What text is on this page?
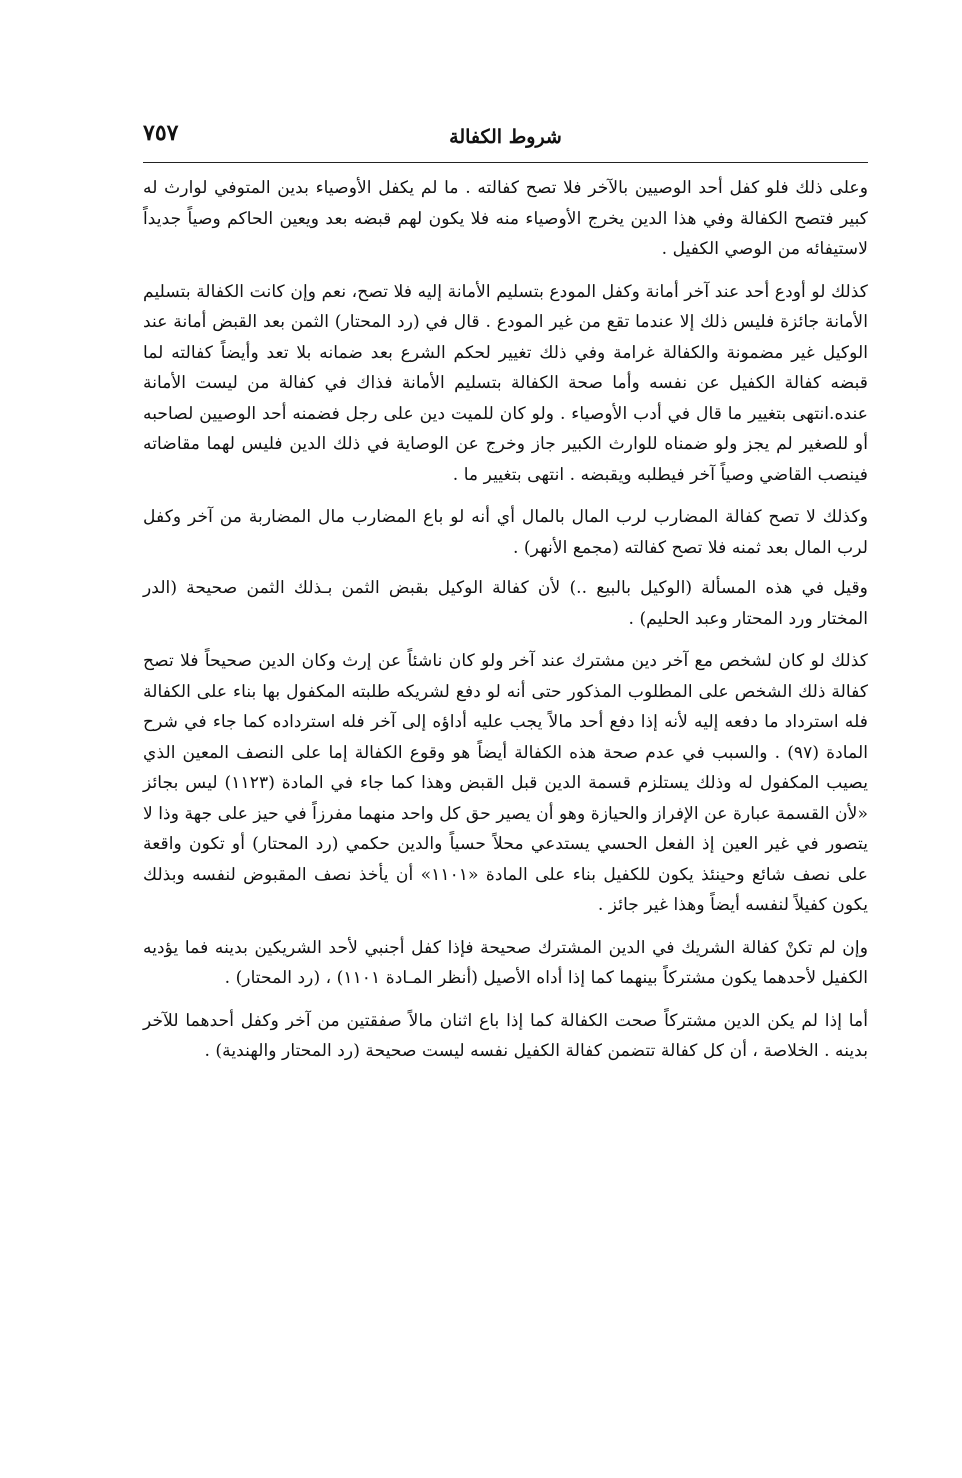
٧٥٧	شروط الكفالة

وعلى ذلك فلو كفل أحد الوصيين بالآخر فلا تصح كفالته . ما لم يكفل الأوصياء بدين المتوفي لوارث له كبير فتصح الكفالة وفي هذا الدين يخرج الأوصياء منه فلا يكون لهم قبضه بعد ويعين الحاكم وصياً جديداً لاستيفائه من الوصي الكفيل .

كذلك لو أودع أحد عند آخر أمانة وكفل المودع بتسليم الأمانة إليه فلا تصح، نعم وإن كانت الكفالة بتسليم الأمانة جائزة فليس ذلك إلا عندما تقع من غير المودع . قال في (رد المحتار) الثمن بعد القبض أمانة عند الوكيل غير مضمونة والكفالة غرامة وفي ذلك تغيير لحكم الشرع بعد ضمانه بلا تعد وأيضاً كفالته لما قبضه كفالة الكفيل عن نفسه وأما صحة الكفالة بتسليم الأمانة فذاك في كفالة من ليست الأمانة عنده.انتهى بتغيير ما قال في أدب الأوصياء . ولو كان للميت دين على رجل فضمنه أحد الوصيين لصاحبه أو للصغير لم يجز ولو ضمناه للوارث الكبير جاز وخرج عن الوصاية في ذلك الدين فليس لهما مقاضاته فينصب القاضي وصياً آخر فيطلبه ويقبضه . انتهى بتغيير ما .

وكذلك لا تصح كفالة المضارب لرب المال بالمال أي أنه لو باع المضارب مال المضاربة من آخر وكفل لرب المال بعد ثمنه فلا تصح كفالته (مجمع الأنهر) .

وقيل في هذه المسألة (الوكيل بالبيع ..) لأن كفالة الوكيل بقبض الثمن بـذلك الثمن صحيحة (الدر المختار ورد المحتار وعبد الحليم) .

كذلك لو كان لشخص مع آخر دين مشترك عند آخر ولو كان ناشئاً عن إرث وكان الدين صحيحاً فلا تصح كفالة ذلك الشخص على المطلوب المذكور حتى أنه لو دفع لشريكه طلبته المكفول بها بناء على الكفالة فله استرداد ما دفعه إليه لأنه إذا دفع أحد مالاً يجب عليه أداؤه إلى آخر فله استرداده كما جاء في شرح المادة (٩٧) . والسبب في عدم صحة هذه الكفالة أيضاً هو وقوع الكفالة إما على النصف المعين الذي يصيب المكفول له وذلك يستلزم قسمة الدين قبل القبض وهذا كما جاء في المادة (١١٢٣) ليس بجائز «لأن القسمة عبارة عن الإفراز والحيازة وهو أن يصير حق كل واحد منهما مفرزاً في حيز على جهة وذا لا يتصور في غير العين إذ الفعل الحسي يستدعي محلاً حسياً والدين حكمي (رد المحتار) أو تكون واقعة على نصف شائع وحينئذ يكون للكفيل بناء على المادة «١١٠١» أن يأخذ نصف المقبوض لنفسه وبذلك يكون كفيلاً لنفسه أيضاً وهذا غير جائز .

وإن لم تكنْ كفالة الشريك في الدين المشترك صحيحة فإذا كفل أجنبي لأحد الشريكين بدينه فما يؤديه الكفيل لأحدهما يكون مشتركاً بينهما كما إذا أداه الأصيل (أنظر المـادة ١١٠١) ، (رد المحتار) .

أما إذا لم يكن الدين مشتركاً صحت الكفالة كما إذا باع اثنان مالاً صفقتين من آخر وكفل أحدهما للآخر بدينه . الخلاصة ، أن كل كفالة تتضمن كفالة الكفيل نفسه ليست صحيحة (رد المحتار والهندية) .
